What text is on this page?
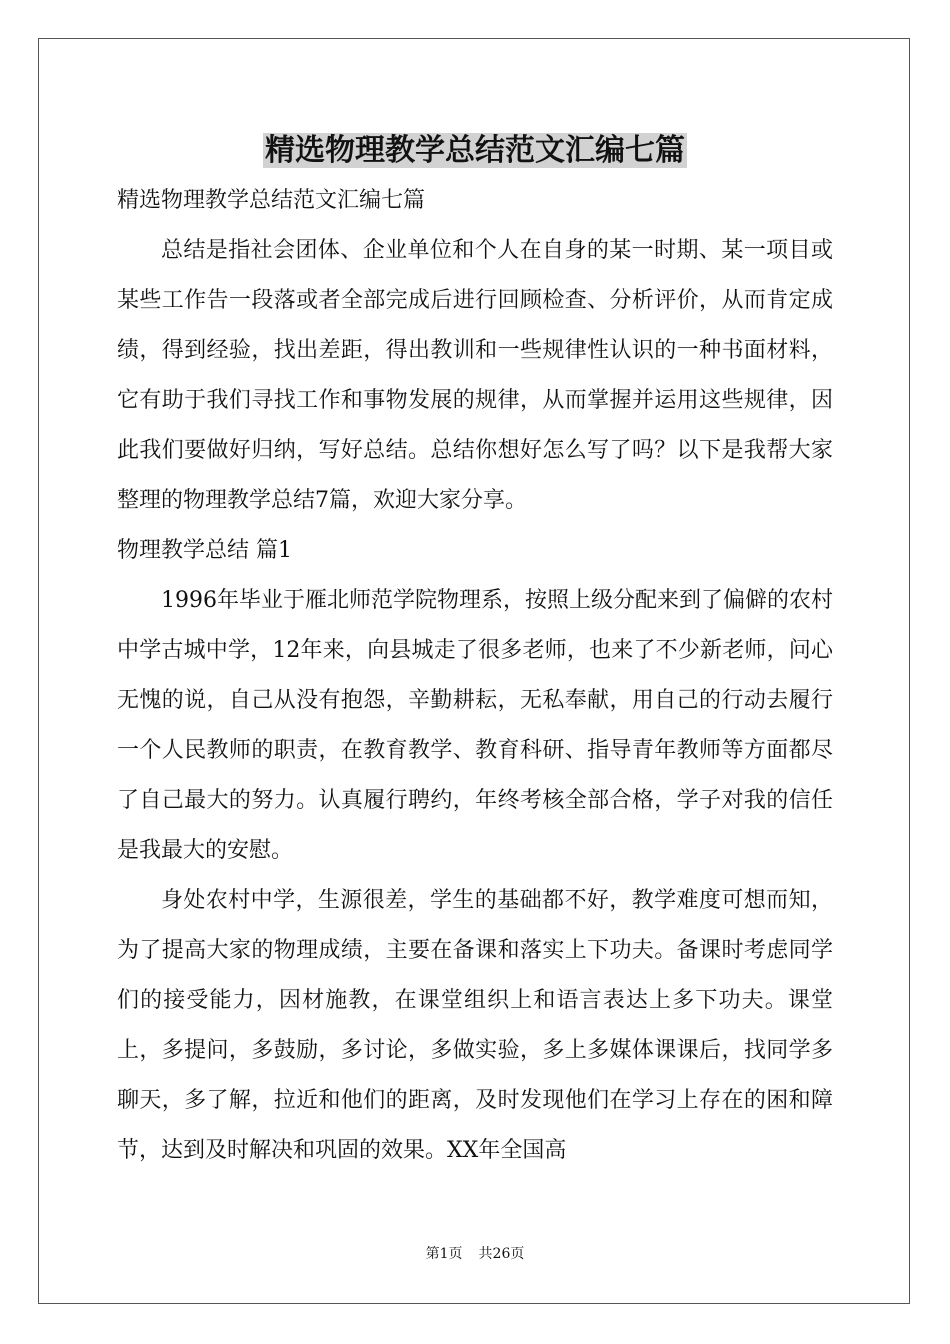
精选物理教学总结范文汇编七篇

精选物理教学总结范文汇编七篇

总结是指社会团体、企业单位和个人在自身的某一时期、某一项目或某些工作告一段落或者全部完成后进行回顾检查、分析评价，从而肯定成绩，得到经验，找出差距，得出教训和一些规律性认识的一种书面材料，它有助于我们寻找工作和事物发展的规律，从而掌握并运用这些规律，因此我们要做好归纳，写好总结。总结你想好怎么写了吗？以下是我帮大家整理的物理教学总结7篇，欢迎大家分享。

物理教学总结 篇1

1996年毕业于雁北师范学院物理系，按照上级分配来到了偏僻的农村中学古城中学，12年来，向县城走了很多老师，也来了不少新老师，问心无愧的说，自己从没有抱怨，辛勤耕耘，无私奉献，用自己的行动去履行一个人民教师的职责，在教育教学、教育科研、指导青年教师等方面都尽了自己最大的努力。认真履行聘约，年终考核全部合格，学子对我的信任是我最大的安慰。

身处农村中学，生源很差，学生的基础都不好，教学难度可想而知，为了提高大家的物理成绩，主要在备课和落实上下功夫。备课时考虑同学们的接受能力，因材施教，在课堂组织上和语言表达上多下功夫。课堂上，多提问，多鼓励，多讨论，多做实验，多上多媒体课课后，找同学多聊天，多了解，拉近和他们的距离，及时发现他们在学习上存在的困和障节，达到及时解决和巩固的效果。XX年全国高

第1页 共26页
